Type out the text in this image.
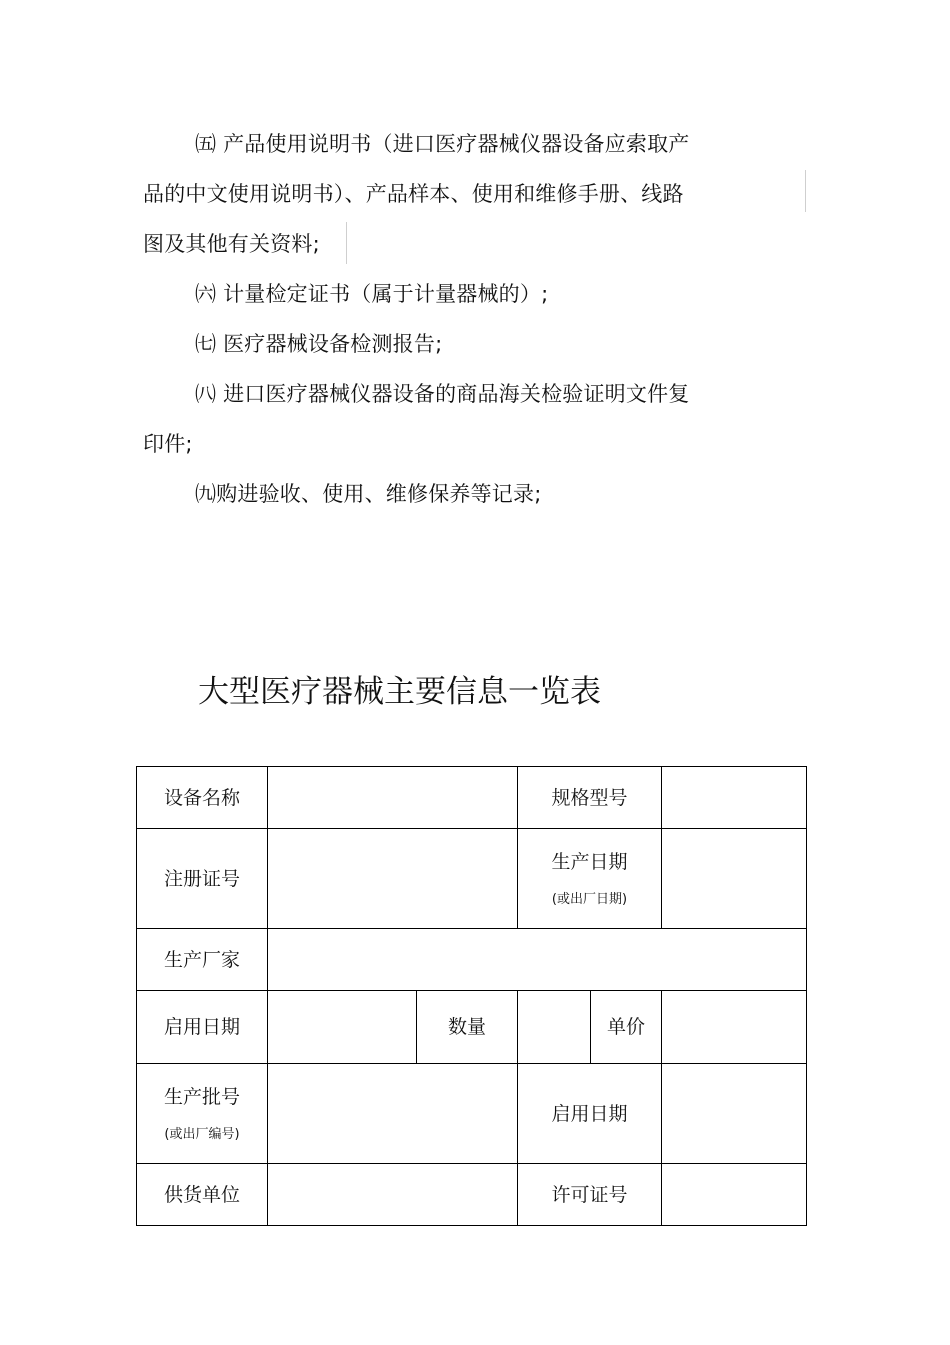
㈤ 产品使用说明书（进口医疗器械仪器设备应索取产
品的中文使用说明书）、产品样本、使用和维修手册、线路
图及其他有关资料;
㈥ 计量检定证书（属于计量器械的）;
㈦ 医疗器械设备检测报告;
㈧ 进口医疗器械仪器设备的商品海关检验证明文件复
印件;
㈨购进验收、使用、维修保养等记录;
大型医疗器械主要信息一览表
设备名称			规格型号		
注册证号			生产日期
(或出厂日期)		

生产厂家					
启用日期		数量		单价	
生产批号
(或出厂编号)			启用日期		
供货单位			许可证号		
